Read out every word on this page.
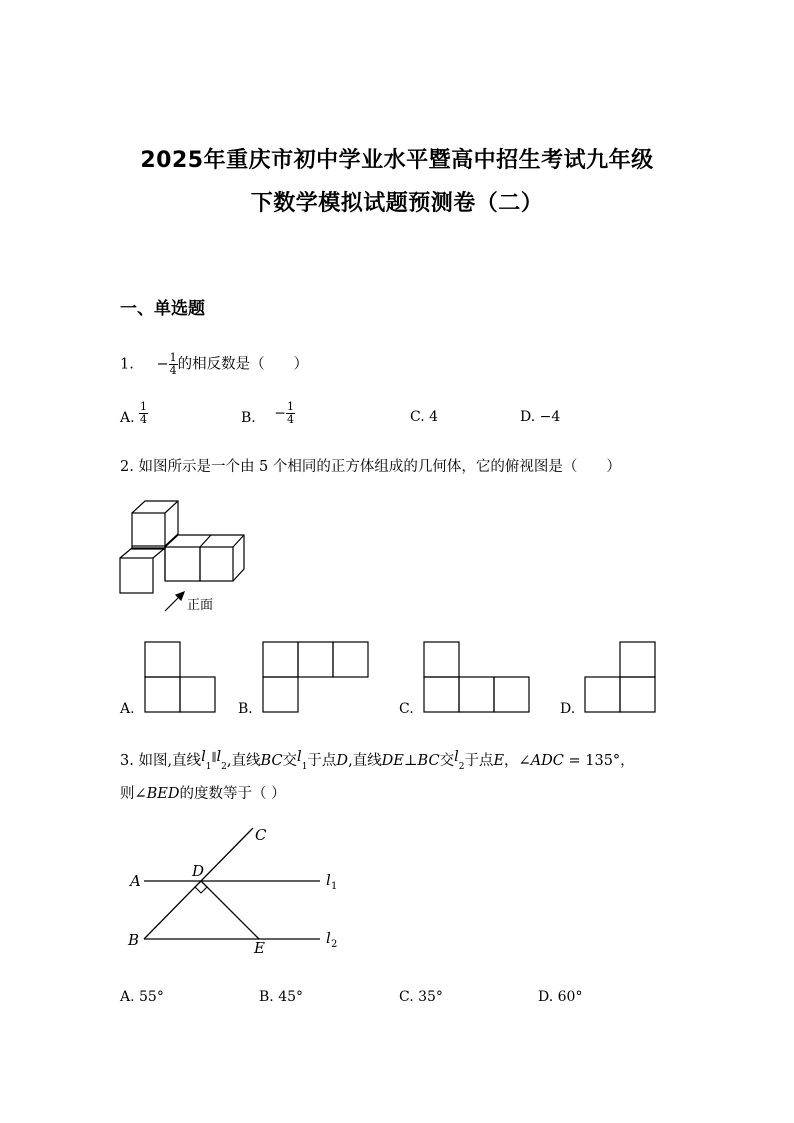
2025年重庆市初中学业水平暨高中招生考试九年级
下数学模拟试题预测卷（二）
一、单选题
1. − $\frac{1}{4}$ 的相反数是（　　）
A. $\frac{1}{4}$	B. − $\frac{1}{4}$	C. 4	D. −4
2. 如图所示是一个由 5 个相同的正方体组成的几何体，它的俯视图是（　　）
正面
A.	B.	C.	D.
3. 如图,直线$l_1^\parallel l_2$,直线BC交$l_1$于点D,直线DE⊥BC交$l_2$于点E，∠ADC = 135°，
则∠BED的度数等于（ ）
A
B
C
D
E
l
l
1
2
A. 55°	B. 45°	C. 35°	D. 60°
